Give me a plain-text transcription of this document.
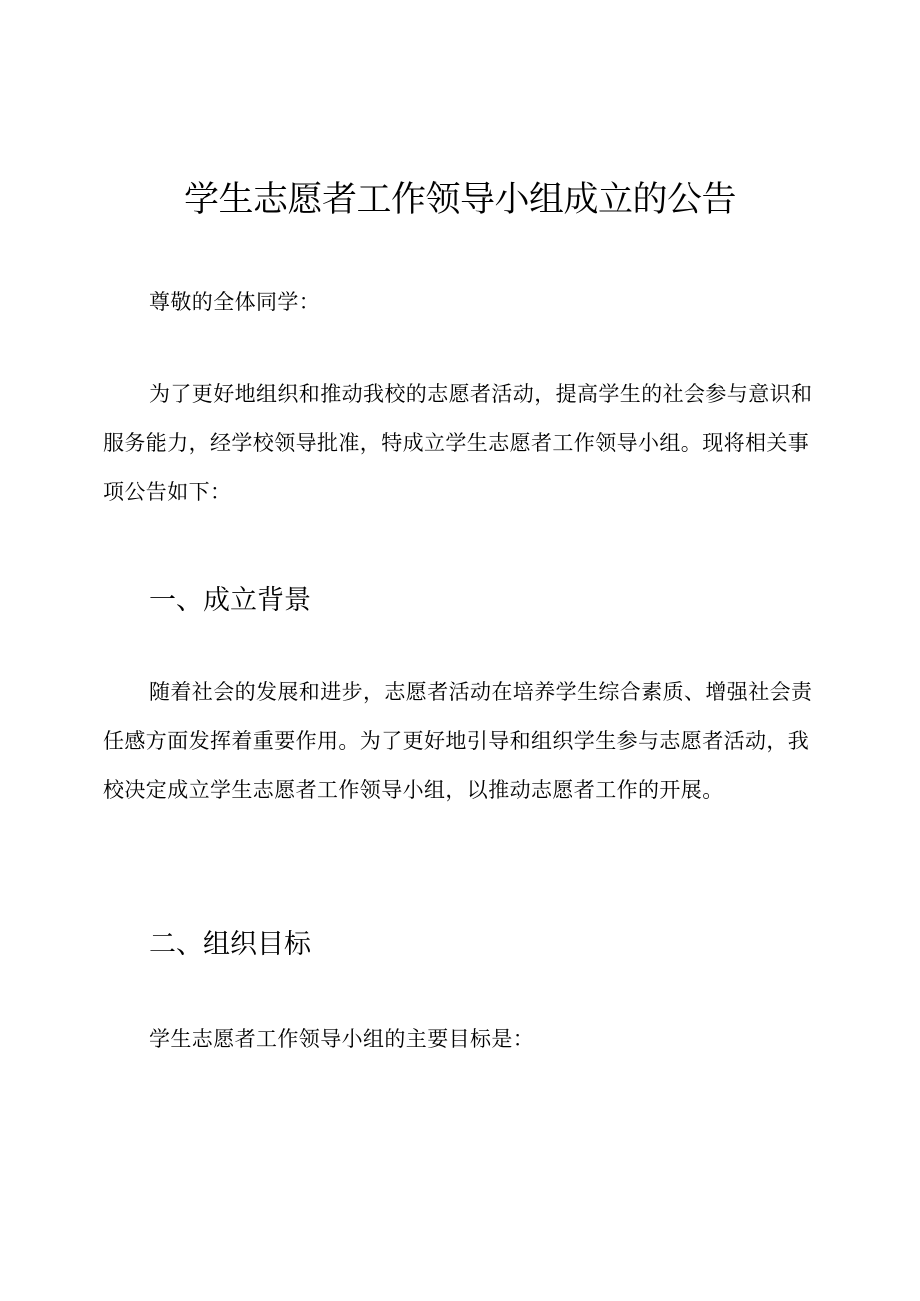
学生志愿者工作领导小组成立的公告
尊敬的全体同学：
为了更好地组织和推动我校的志愿者活动，提高学生的社会参与意识和服务能力，经学校领导批准，特成立学生志愿者工作领导小组。现将相关事项公告如下：
一、成立背景
随着社会的发展和进步，志愿者活动在培养学生综合素质、增强社会责任感方面发挥着重要作用。为了更好地引导和组织学生参与志愿者活动，我校决定成立学生志愿者工作领导小组，以推动志愿者工作的开展。
二、组织目标
学生志愿者工作领导小组的主要目标是：
